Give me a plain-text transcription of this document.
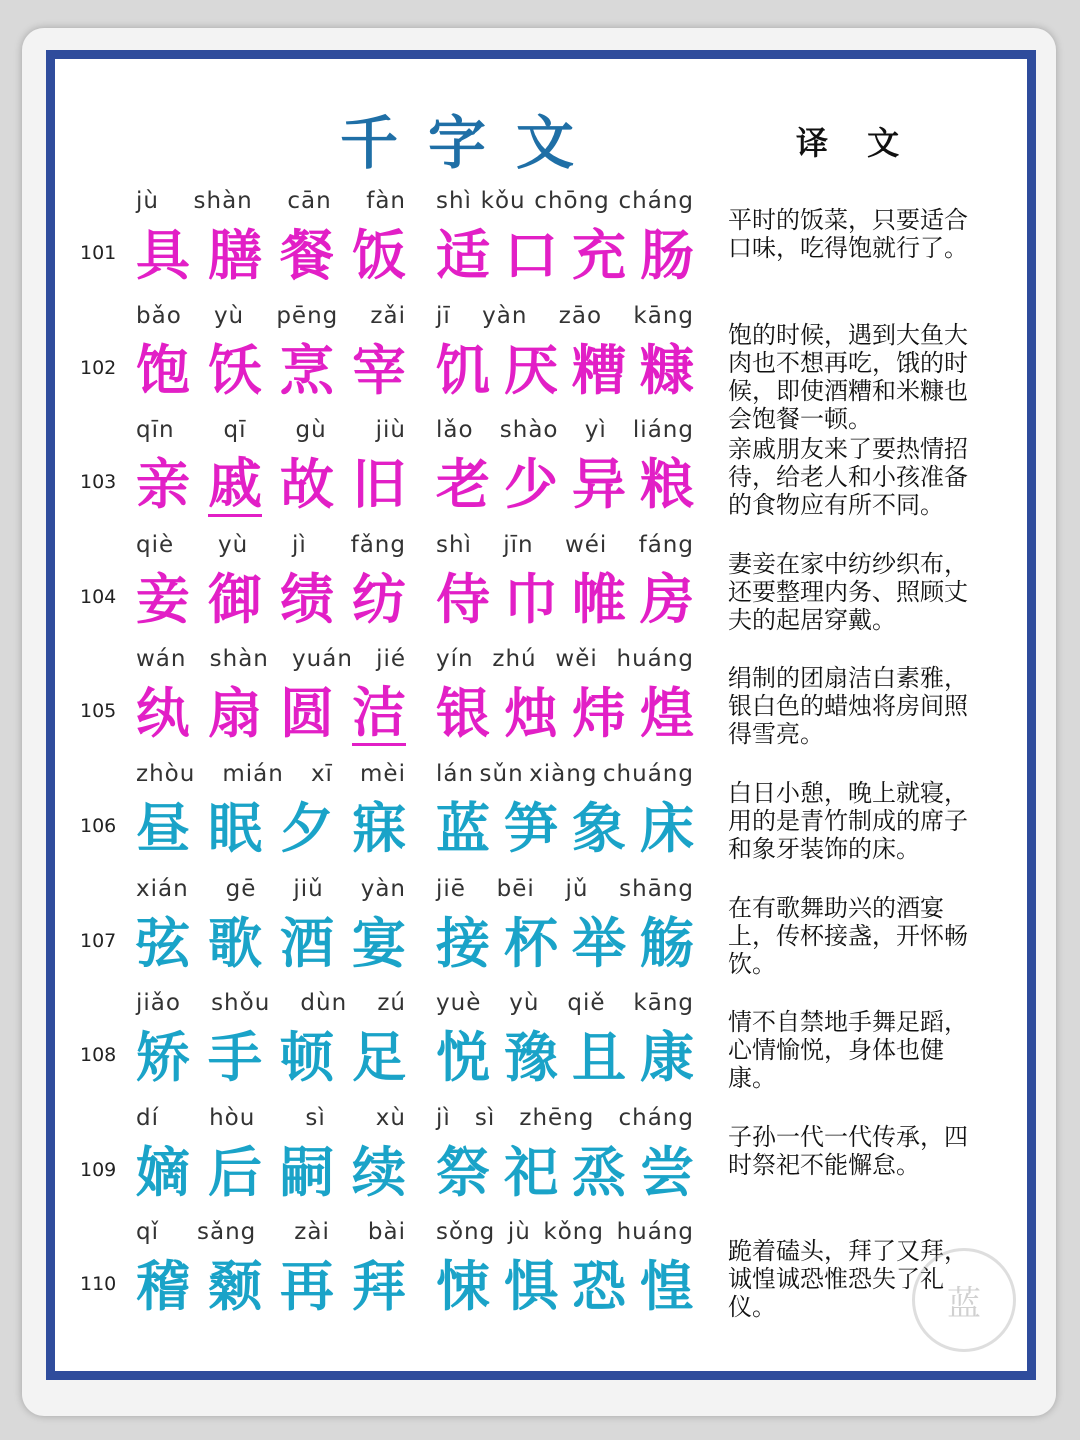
千字文	译 文
101
jù shàn cān fàn shì kǒu chōng cháng
具 膳 餐 饭 适 口 充 肠
平时的饭菜，只要适合口味，吃得饱就行了。
102
bǎo yù pēng zǎi jī yàn zāo kāng
饱 饫 烹 宰 饥 厌 糟 糠
饱的时候，遇到大鱼大肉也不想再吃，饿的时候，即使酒糟和米糠也会饱餐一顿。
103
qīn qī gù jiù lǎo shào yì liáng
亲 戚 故 旧 老 少 异 粮
亲戚朋友来了要热情招待，给老人和小孩准备的食物应有所不同。
104
qiè yù jì fǎng shì jīn wéi fáng
妾 御 绩 纺 侍 巾 帷 房
妻妾在家中纺纱织布，还要整理内务、照顾丈夫的起居穿戴。
105
wán shàn yuán jié yín zhú wěi huáng
纨 扇 圆 洁 银 烛 炜 煌
绢制的团扇洁白素雅，银白色的蜡烛将房间照得雪亮。
106
zhòu mián xī mèi lán sǔn xiàng chuáng
昼 眠 夕 寐 蓝 笋 象 床
白日小憩，晚上就寝，用的是青竹制成的席子和象牙装饰的床。
107
xián gē jiǔ yàn jiē bēi jǔ shāng
弦 歌 酒 宴 接 杯 举 觞
在有歌舞助兴的酒宴上，传杯接盏，开怀畅饮。
108
jiǎo shǒu dùn zú yuè yù qiě kāng
矫 手 顿 足 悦 豫 且 康
情不自禁地手舞足蹈，心情愉悦，身体也健康。
109
dí hòu sì xù jì sì zhēng cháng
嫡 后 嗣 续 祭 祀 烝 尝
子孙一代一代传承，四时祭祀不能懈怠。
110
qǐ sǎng zài bài sǒng jù kǒng huáng
稽 颡 再 拜 悚 惧 恐 惶
跪着磕头，拜了又拜，诚惶诚恐惟恐失了礼仪。	蓝
